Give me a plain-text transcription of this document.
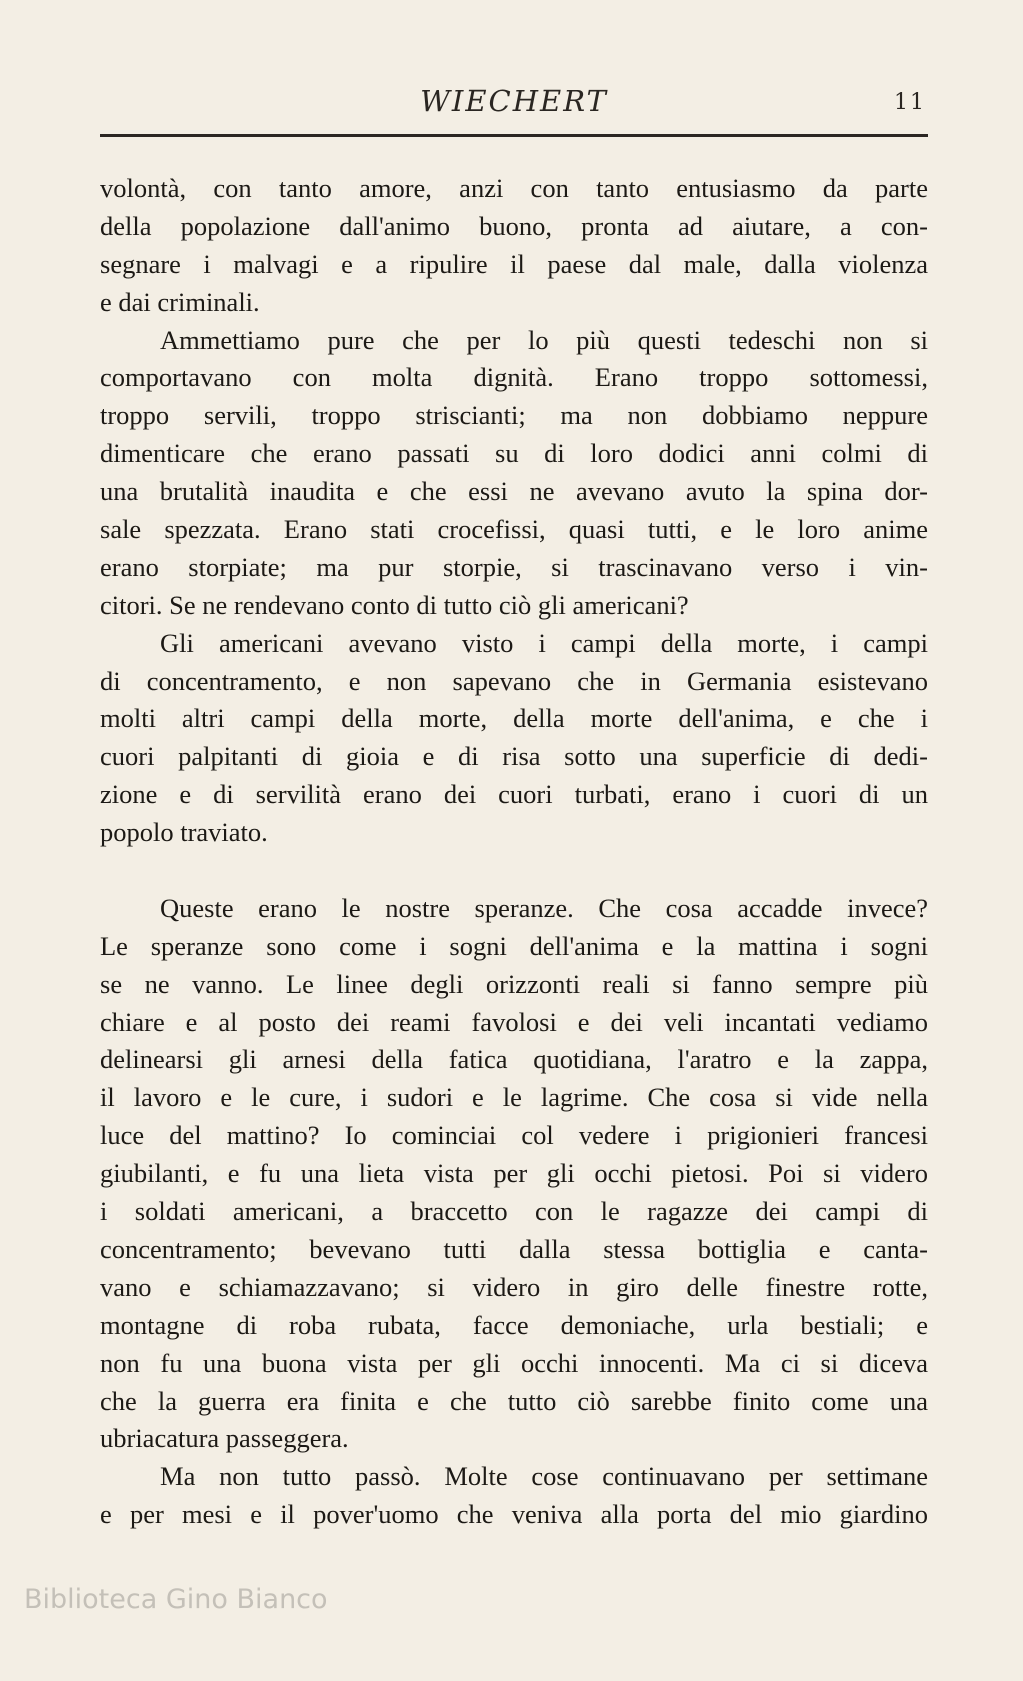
WIECHERT	11
volontà, con tanto amore, anzi con tanto entusiasmo da parte
della popolazione dall'animo buono, pronta ad aiutare, a con-
segnare i malvagi e a ripulire il paese dal male, dalla violenza
e dai criminali.
Ammettiamo pure che per lo più questi tedeschi non si
comportavano con molta dignità. Erano troppo sottomessi,
troppo servili, troppo striscianti; ma non dobbiamo neppure
dimenticare che erano passati su di loro dodici anni colmi di
una brutalità inaudita e che essi ne avevano avuto la spina dor-
sale spezzata. Erano stati crocefissi, quasi tutti, e le loro anime
erano storpiate; ma pur storpie, si trascinavano verso i vin-
citori. Se ne rendevano conto di tutto ciò gli americani?
Gli americani avevano visto i campi della morte, i campi
di concentramento, e non sapevano che in Germania esistevano
molti altri campi della morte, della morte dell'anima, e che i
cuori palpitanti di gioia e di risa sotto una superficie di dedi-
zione e di servilità erano dei cuori turbati, erano i cuori di un
popolo traviato.
Queste erano le nostre speranze. Che cosa accadde invece?
Le speranze sono come i sogni dell'anima e la mattina i sogni
se ne vanno. Le linee degli orizzonti reali si fanno sempre più
chiare e al posto dei reami favolosi e dei veli incantati vediamo
delinearsi gli arnesi della fatica quotidiana, l'aratro e la zappa,
il lavoro e le cure, i sudori e le lagrime. Che cosa si vide nella
luce del mattino? Io cominciai col vedere i prigionieri francesi
giubilanti, e fu una lieta vista per gli occhi pietosi. Poi si videro
i soldati americani, a braccetto con le ragazze dei campi di
concentramento; bevevano tutti dalla stessa bottiglia e canta-
vano e schiamazzavano; si videro in giro delle finestre rotte,
montagne di roba rubata, facce demoniache, urla bestiali; e
non fu una buona vista per gli occhi innocenti. Ma ci si diceva
che la guerra era finita e che tutto ciò sarebbe finito come una
ubriacatura passeggera.
Ma non tutto passò. Molte cose continuavano per settimane
e per mesi e il pover'uomo che veniva alla porta del mio giardino
Biblioteca Gino Bianco
